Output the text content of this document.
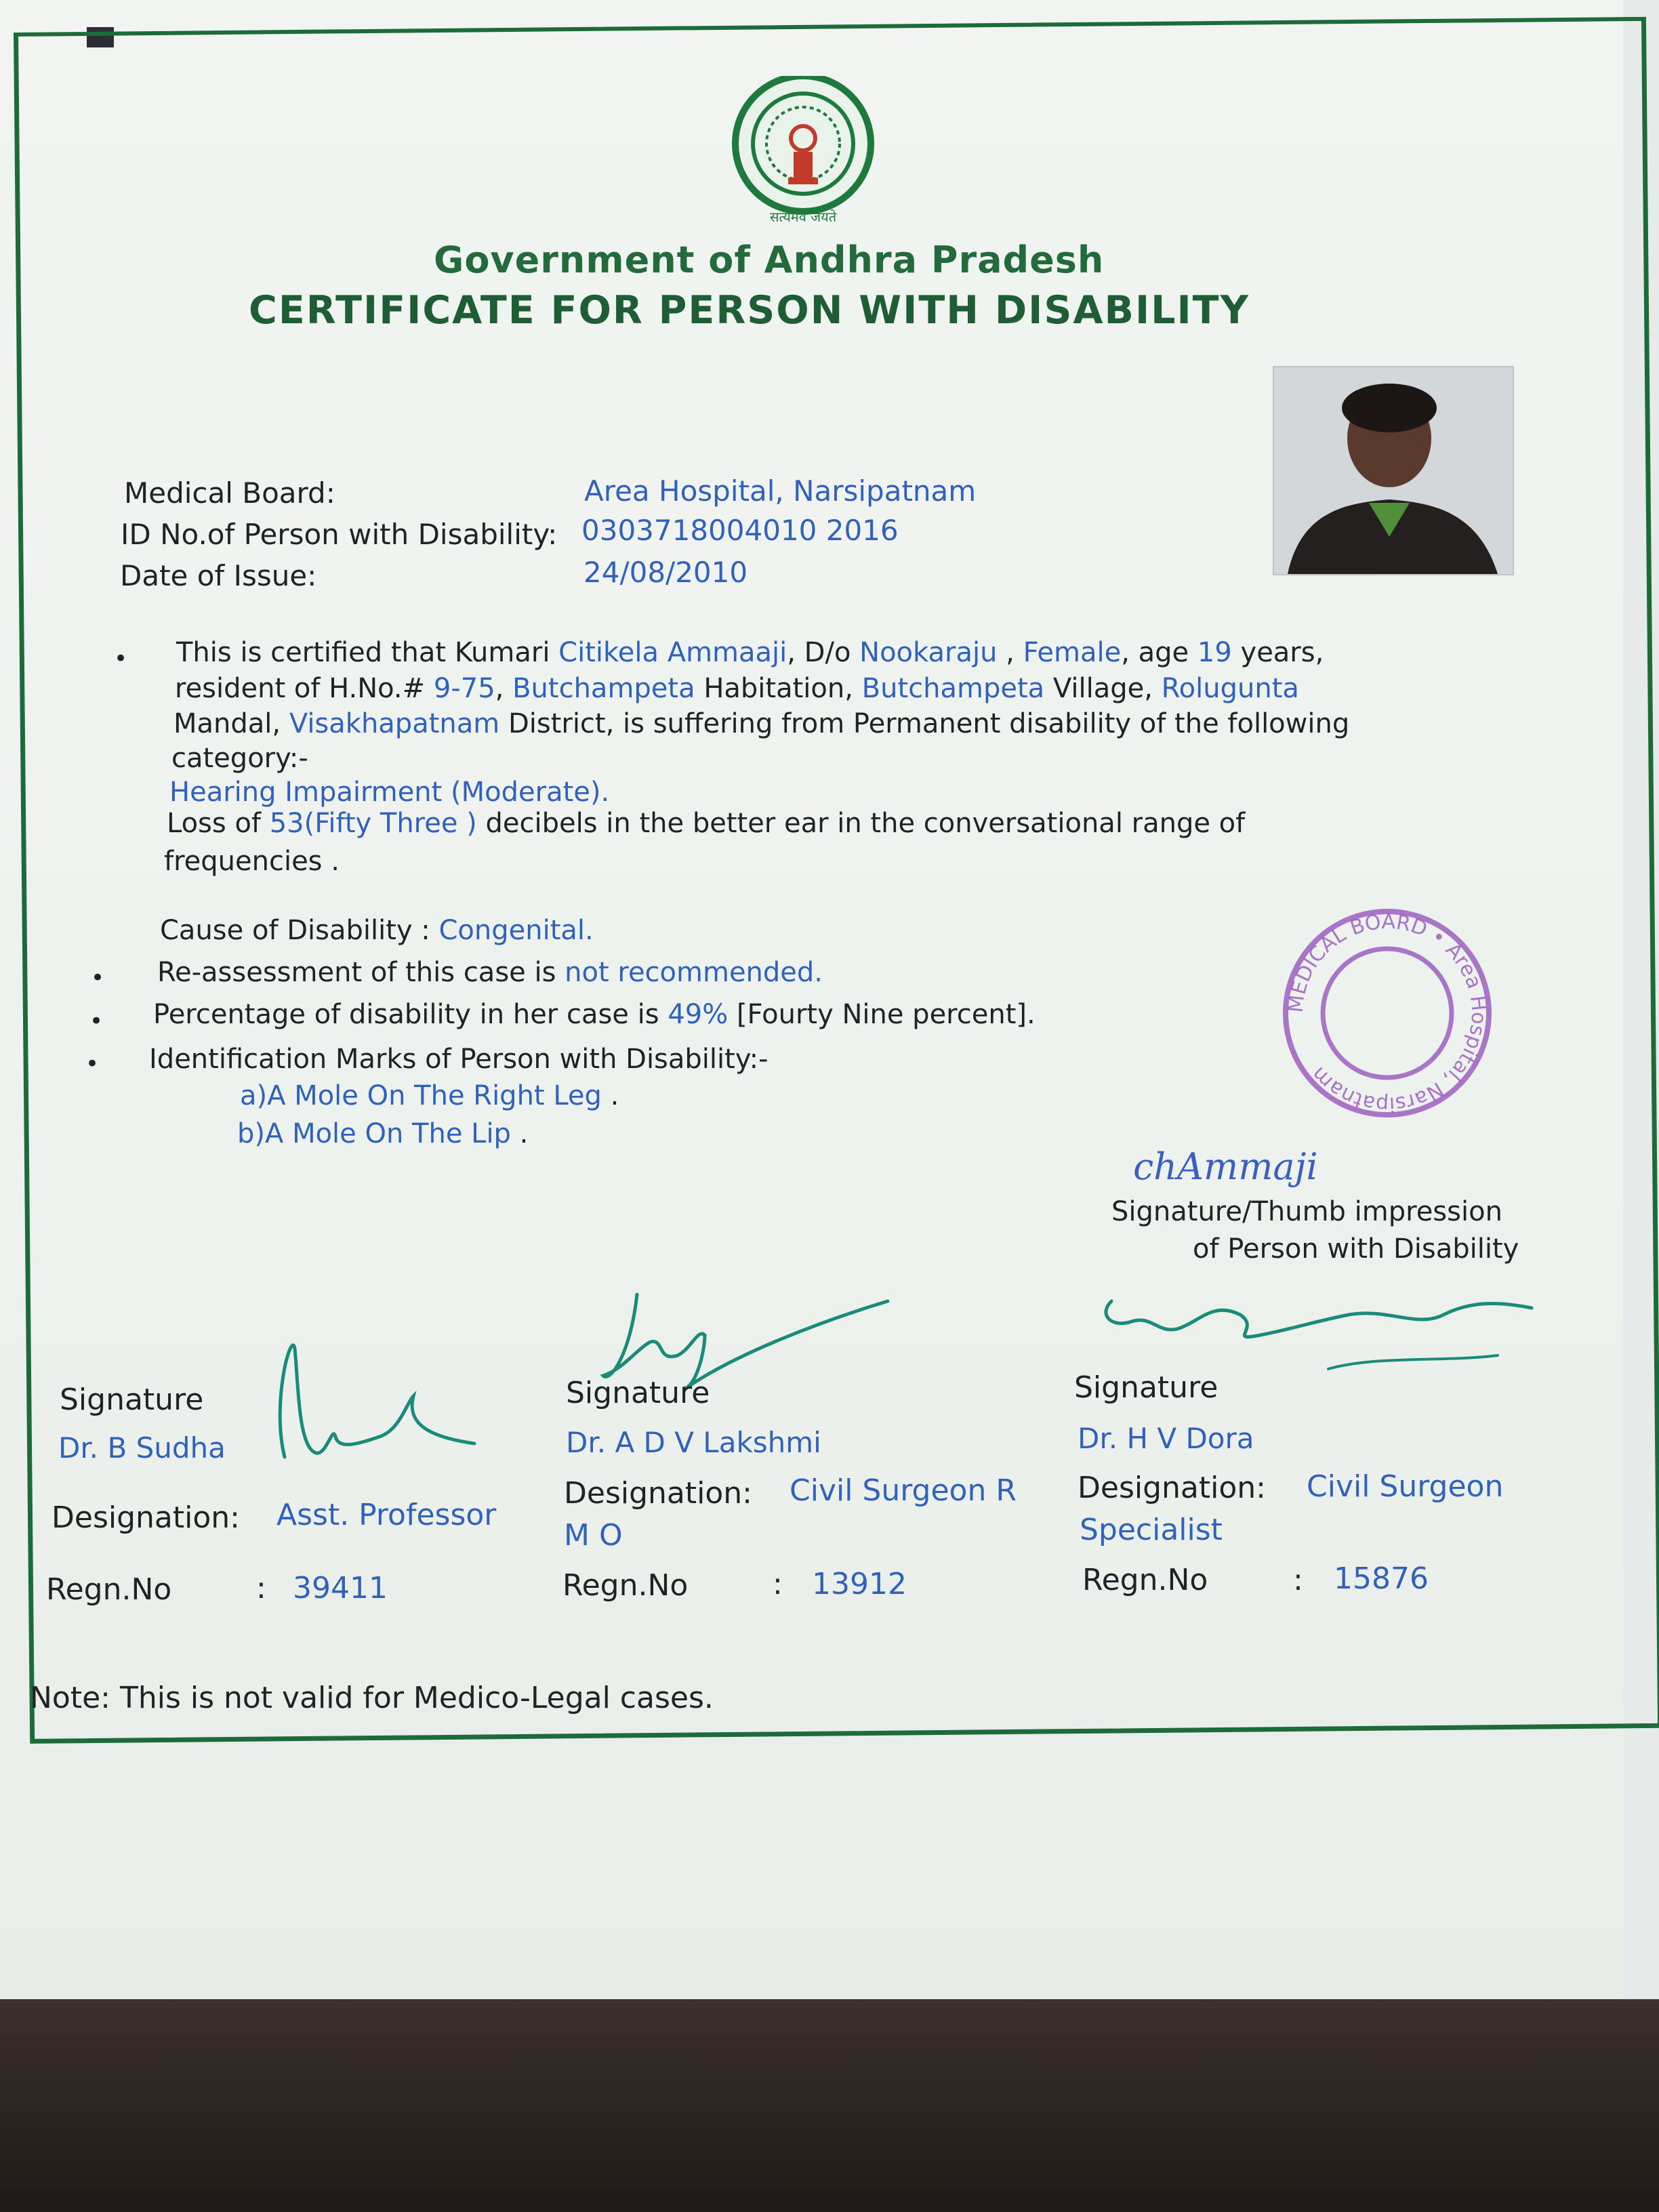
सत्यमेव जयते
Government of Andhra Pradesh
CERTIFICATE FOR PERSON WITH DISABILITY
Medical Board:	Area Hospital, Narsipatnam
ID No.of Person with Disability: 0303718004010 2016
Date of Issue:	24/08/2010
• This is certified that Kumari Citikela Ammaaji, D/o Nookaraju , Female, age 19 years,
resident of H.No.# 9-75, Butchampeta Habitation, Butchampeta Village, Rolugunta
Mandal, Visakhapatnam District, is suffering from Permanent disability of the following
category:-
Hearing Impairment (Moderate).
Loss of 53(Fifty Three ) decibels in the better ear in the conversational range of
frequencies .
Cause of Disability : Congenital.
• Re-assessment of this case is not recommended.
• Percentage of disability in her case is 49% [Fourty Nine percent].
• Identification Marks of Person with Disability:-
a)A Mole On The Right Leg .
b)A Mole On The Lip .
MEDICAL BOARD • Area Hospital, Narsipatnam
chAmmaji
Signature/Thumb impression
of Person with Disability
Signature
Dr. B Sudha
Designation: Asst. Professor
Regn.No	: 39411
Signature
Dr. A D V Lakshmi
Designation: Civil Surgeon R
M O
Regn.No	: 13912
Signature
Dr. H V Dora
Designation: Civil Surgeon
Specialist
Regn.No	: 15876
Note: This is not valid for Medico-Legal cases.
